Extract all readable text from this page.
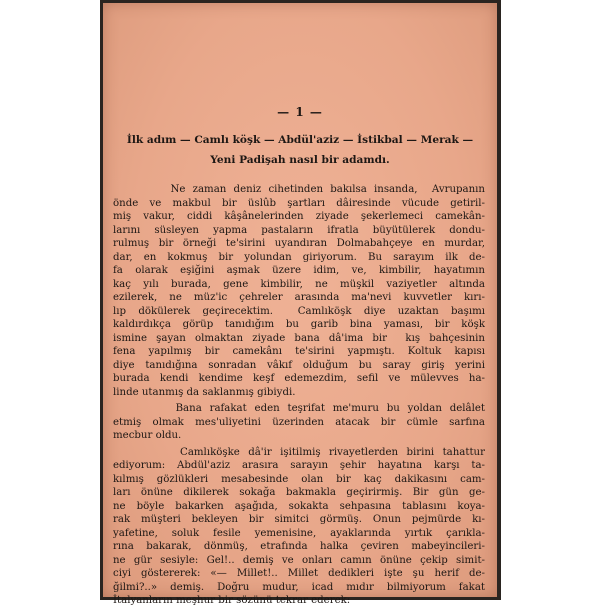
— 1 —
İlk adım — Camlı köşk — Abdül'aziz — İstikbal — Merak —
Yeni Padişah nasıl bir adamdı.
Ne zaman deniz cihetinden bakılsa insanda,  Avrupanın
önde ve makbul bir üslûb şartları dâiresinde vücude getiril-
miş vakur, ciddi kâşânelerinden ziyade şekerlemeci camekân-
larını süsleyen yapma pastaların ifratla büyütülerek dondu-
rulmuş bir örneği te'sirini uyandıran Dolmabahçeye en murdar,
dar, en kokmuş bir yolundan giriyorum. Bu sarayım ilk de-
fa olarak eşiğini aşmak üzere idim, ve, kimbilir, hayatımın
kaç yılı burada, gene kimbilir, ne müşkil vaziyetler altında
ezilerek, ne müz'ic çehreler arasında ma'nevi kuvvetler kırı-
lıp dökülerek geçirecektim.  Camlıköşk diye uzaktan başımı
kaldırdıkça görüp tanıdığım bu garib bina yaması, bir köşk
ismine şayan olmaktan ziyade bana dâ'ima bir  kış bahçesinin
fena yapılmış bir camekânı te'sirini yapmıştı. Koltuk kapısı
diye tanıdığına sonradan vâkıf olduğum bu saray giriş yerini
burada kendi kendime keşf edemezdim, sefil ve mülevves ha-
linde utanmış da saklanmış gibiydi.
Bana rafakat eden teşrifat me'muru bu yoldan delâlet
etmiş olmak mes'uliyetini üzerinden atacak bir cümle sarfına
mecbur oldu.
Camlıköşke dâ'ir işitilmiş rivayetlerden birini tahattur
ediyorum: Abdül'aziz arasıra sarayın şehir hayatına karşı ta-
kılmış gözlükleri mesabesinde olan bir kaç dakikasını cam-
ları önüne dikilerek sokağa bakmakla geçirirmiş. Bir gün ge-
ne böyle bakarken aşağıda, sokakta sehpasına tablasını koya-
rak müşteri bekleyen bir simitci görmüş. Onun pejmürde kı-
yafetine, soluk fesile yemenisine, ayaklarında yırtık çarıkla-
rına bakarak, dönmüş, etrafında halka çeviren mabeyincileri-
ne gür sesiyle: Gel!.. demiş ve onları camın önüne çekip simit-
ciyi göstererek: «— Millet!.. Millet dedikleri işte şu herif de-
ğilmi?..» demiş. Doğru mudur, icad mıdır bilmiyorum fakat
İtalyanların meşhur bir sözünü tekrar ederek:
